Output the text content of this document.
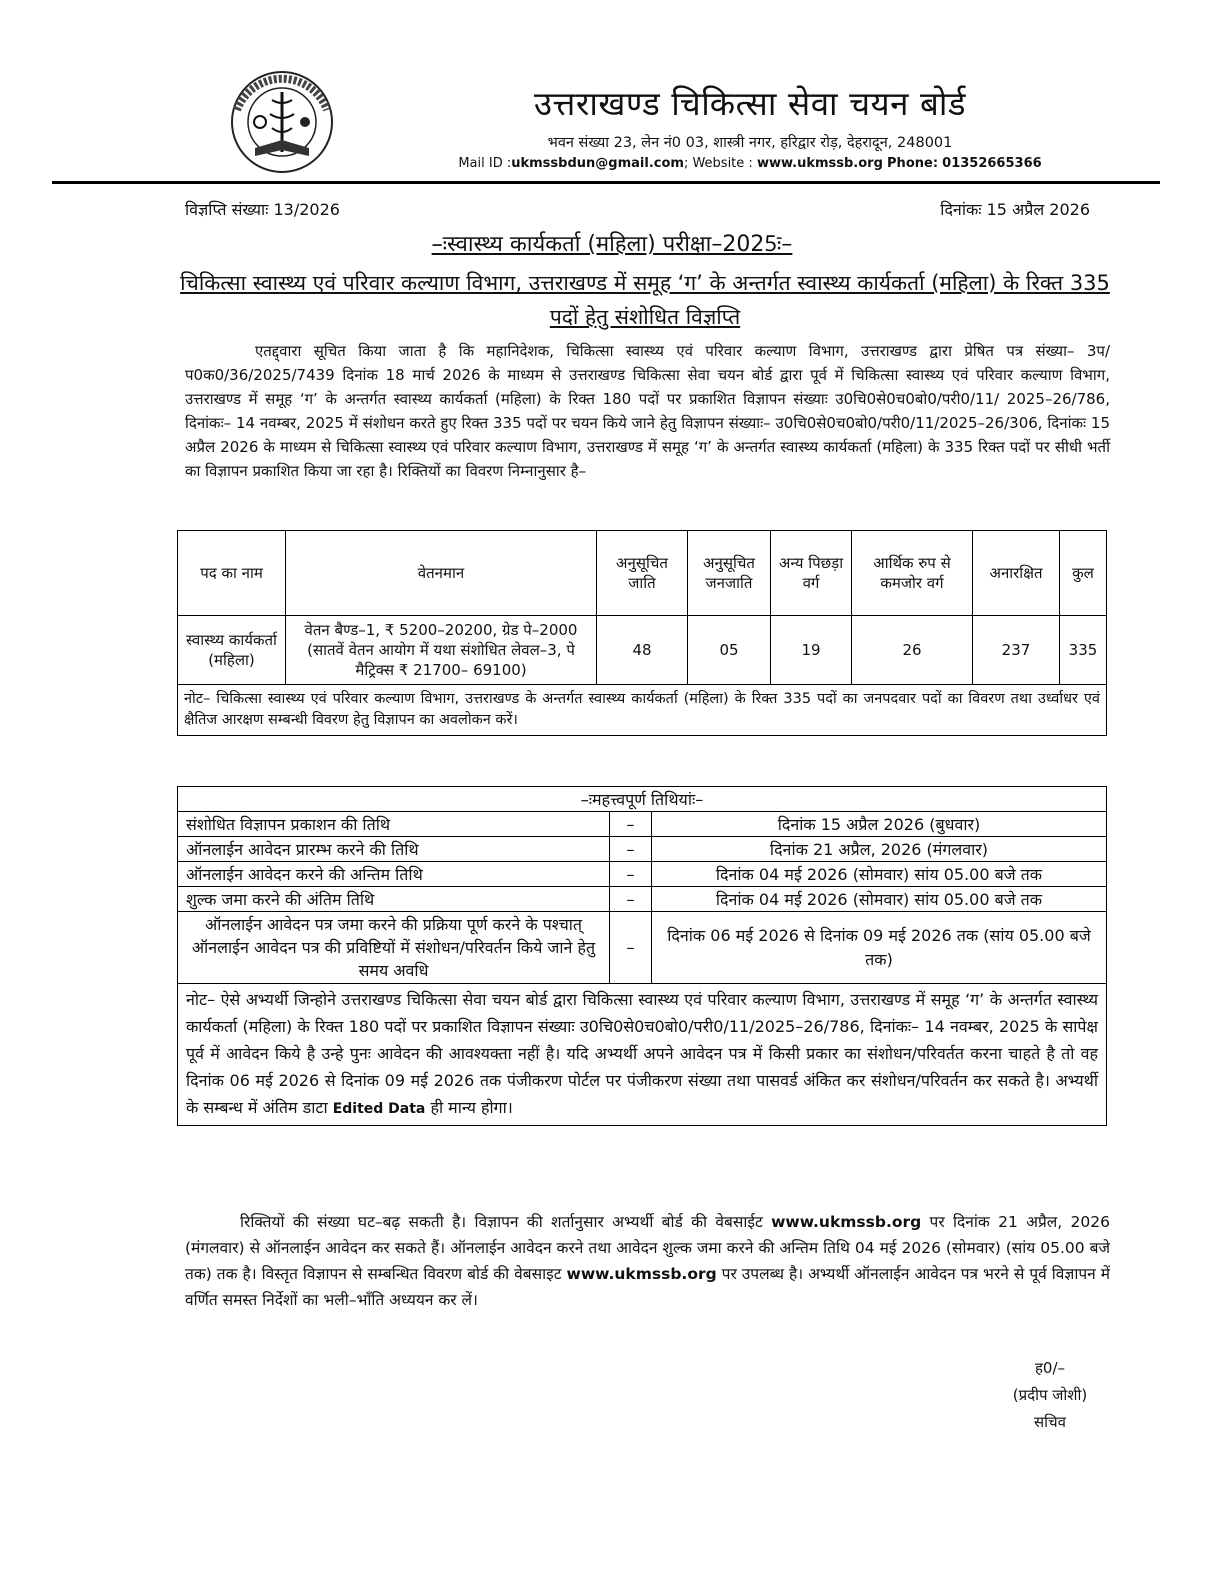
उत्तराखण्ड चिकित्सा सेवा चयन बोर्ड
भवन संख्या 23, लेन नं0 03, शास्त्री नगर, हरिद्वार रोड़, देहरादून, 248001
Mail ID :ukmssbdun@gmail.com; Website : www.ukmssb.org Phone: 01352665366
विज्ञप्ति संख्याः 13/2026	दिनांकः 15 अप्रैल 2026
–ःस्वास्थ्य कार्यकर्ता (महिला) परीक्षा–2025ः–
चिकित्सा स्वास्थ्य एवं परिवार कल्याण विभाग, उत्तराखण्ड में समूह ‘ग’ के अन्तर्गत स्वास्थ्य कार्यकर्ता (महिला) के रिक्त 335 पदों हेतु संशोधित विज्ञप्ति
एतद्द्वारा सूचित किया जाता है कि महानिदेशक, चिकित्सा स्वास्थ्य एवं परिवार कल्याण विभाग, उत्तराखण्ड द्वारा प्रेषित पत्र संख्या– 3प/प0क0/36/2025/7439 दिनांक 18 मार्च 2026 के माध्यम से उत्तराखण्ड चिकित्सा सेवा चयन बोर्ड द्वारा पूर्व में चिकित्सा स्वास्थ्य एवं परिवार कल्याण विभाग, उत्तराखण्ड में समूह ‘ग’ के अन्तर्गत स्वास्थ्य कार्यकर्ता (महिला) के रिक्त 180 पदों पर प्रकाशित विज्ञापन संख्याः उ0चि0से0च0बो0/परी0/11/ 2025–26/786, दिनांकः– 14 नवम्बर, 2025 में संशोधन करते हुए रिक्त 335 पदों पर चयन किये जाने हेतु विज्ञापन संख्याः– उ0चि0से0च0बो0/परी0/11/2025–26/306, दिनांकः 15 अप्रैल 2026 के माध्यम से चिकित्सा स्वास्थ्य एवं परिवार कल्याण विभाग, उत्तराखण्ड में समूह ‘ग’ के अन्तर्गत स्वास्थ्य कार्यकर्ता (महिला) के 335 रिक्त पदों पर सीधी भर्ती का विज्ञापन प्रकाशित किया जा रहा है। रिक्तियों का विवरण निम्नानुसार है–
पद का नाम	वेतनमान	अनुसूचित जाति	अनुसूचित जनजाति	अन्य पिछड़ा वर्ग	आर्थिक रुप से कमजोर वर्ग	अनारक्षित	कुल
स्वास्थ्य कार्यकर्ता (महिला)	वेतन बैण्ड–1, ₹ 5200–20200, ग्रेड पे–2000 (सातवें वेतन आयोग में यथा संशोधित लेवल–3, पे मैट्रिक्स ₹ 21700– 69100)	48	05	19	26	237	335
नोट– चिकित्सा स्वास्थ्य एवं परिवार कल्याण विभाग, उत्तराखण्ड के अन्तर्गत स्वास्थ्य कार्यकर्ता (महिला) के रिक्त 335 पदों का जनपदवार पदों का विवरण तथा उर्ध्वाधर एवं क्षैतिज आरक्षण सम्बन्धी विवरण हेतु विज्ञापन का अवलोकन करें।							
–ःमहत्त्वपूर्ण तिथियांः–		
संशोधित विज्ञापन प्रकाशन की तिथि	–	दिनांक 15 अप्रैल 2026 (बुधवार)
ऑनलाईन आवेदन प्रारम्भ करने की तिथि	–	दिनांक 21 अप्रैल, 2026 (मंगलवार)
ऑनलाईन आवेदन करने की अन्तिम तिथि	–	दिनांक 04 मई 2026 (सोमवार) सांय 05.00 बजे तक
शुल्क जमा करने की अंतिम तिथि	–	दिनांक 04 मई 2026 (सोमवार) सांय 05.00 बजे तक
ऑनलाईन आवेदन पत्र जमा करने की प्रक्रिया पूर्ण करने के पश्चात् ऑनलाईन आवेदन पत्र की प्रविष्टियों में संशोधन/परिवर्तन किये जाने हेतु समय अवधि	–	दिनांक 06 मई 2026 से दिनांक 09 मई 2026 तक (सांय 05.00 बजे तक)
नोट– ऐसे अभ्यर्थी जिन्होने उत्तराखण्ड चिकित्सा सेवा चयन बोर्ड द्वारा चिकित्सा स्वास्थ्य एवं परिवार कल्याण विभाग, उत्तराखण्ड में समूह ‘ग’ के अन्तर्गत स्वास्थ्य कार्यकर्ता (महिला) के रिक्त 180 पदों पर प्रकाशित विज्ञापन संख्याः उ0चि0से0च0बो0/परी0/11/2025–26/786, दिनांकः– 14 नवम्बर, 2025 के सापेक्ष पूर्व में आवेदन किये है उन्हे पुनः आवेदन की आवश्यक्ता नहीं है। यदि अभ्यर्थी अपने आवेदन पत्र में किसी प्रकार का संशोधन/परिवर्तत करना चाहते है तो वह दिनांक 06 मई 2026 से दिनांक 09 मई 2026 तक पंजीकरण पोर्टल पर पंजीकरण संख्या तथा पासवर्ड अंकित कर संशोधन/परिवर्तन कर सकते है। अभ्यर्थी के सम्बन्ध में अंतिम डाटा Edited Data ही मान्य होगा।		
रिक्तियों की संख्या घट–बढ़ सकती है। विज्ञापन की शर्तानुसार अभ्यर्थी बोर्ड की वेबसाईट www.ukmssb.org पर दिनांक 21 अप्रैल, 2026 (मंगलवार) से ऑनलाईन आवेदन कर सकते हैं। ऑनलाईन आवेदन करने तथा आवेदन शुल्क जमा करने की अन्तिम तिथि 04 मई 2026 (सोमवार) (सांय 05.00 बजे तक) तक है। विस्तृत विज्ञापन से सम्बन्धित विवरण बोर्ड की वेबसाइट www.ukmssb.org पर उपलब्ध है। अभ्यर्थी ऑनलाईन आवेदन पत्र भरने से पूर्व विज्ञापन में वर्णित समस्त निर्देशों का भली–भाँति अध्ययन कर लें।
ह0/–
(प्रदीप जोशी)
सचिव
